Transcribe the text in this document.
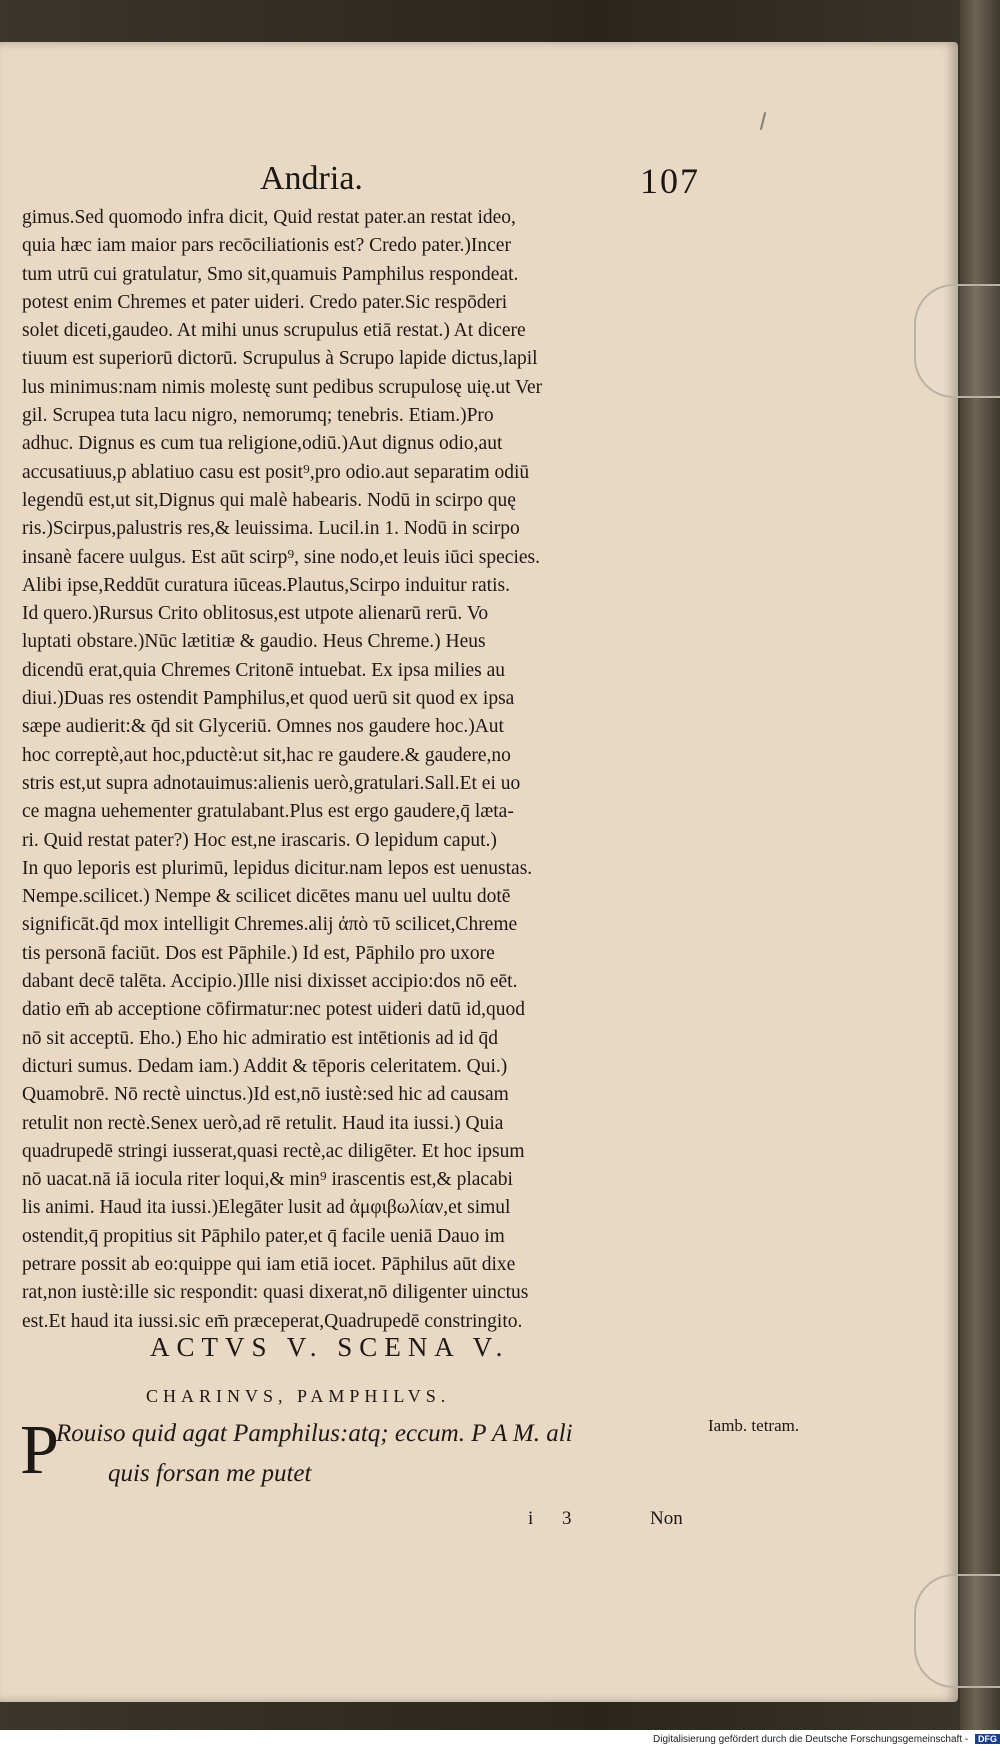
Andria.	107
gimus.Sed quomodo infra dicit, Quid restat pater.an restat ideo,
quia hæc iam maior pars recōciliationis est? Credo pater.)Incer
tum utrū cui gratulatur, Smo sit,quamuis Pamphilus respondeat.
potest enim Chremes et pater uideri. Credo pater.Sic respōderi
solet diceti,gaudeo. At mihi unus scrupulus etiā restat.) At dicere
tiuum est superiorū dictorū. Scrupulus à Scrupo lapide dictus,lapil
lus minimus:nam nimis molestę sunt pedibus scrupulosę uię.ut Ver
gil. Scrupea tuta lacu nigro, nemorumq; tenebris. Etiam.)Pro
adhuc. Dignus es cum tua religione,odiū.)Aut dignus odio,aut
accusatiuus,p ablatiuo casu est posit⁹,pro odio.aut separatim odiū
legendū est,ut sit,Dignus qui malè habearis. Nodū in scirpo quę
ris.)Scirpus,palustris res,& leuissima. Lucil.in 1. Nodū in scirpo
insanè facere uulgus. Est aūt scirp⁹, sine nodo,et leuis iūci species.
Alibi ipse,Reddūt curatura iūceas.Plautus,Scirpo induitur ratis.
Id quero.)Rursus Crito oblitosus,est utpote alienarū rerū. Vo
luptati obstare.)Nūc lætitiæ & gaudio. Heus Chreme.) Heus
dicendū erat,quia Chremes Critonē intuebat. Ex ipsa milies au
diui.)Duas res ostendit Pamphilus,et quod uerū sit quod ex ipsa
sæpe audierit:& q̄d sit Glyceriū. Omnes nos gaudere hoc.)Aut
hoc correptè,aut hoc,pductè:ut sit,hac re gaudere.& gaudere,no
stris est,ut supra adnotauimus:alienis uerò,gratulari.Sall.Et ei uo
ce magna uehementer gratulabant.Plus est ergo gaudere,q̄ læta-
ri. Quid restat pater?) Hoc est,ne irascaris. O lepidum caput.)
In quo leporis est plurimū, lepidus dicitur.nam lepos est uenustas.
Nempe.scilicet.) Nempe & scilicet dicētes manu uel uultu dotē
significāt.q̄d mox intelligit Chremes.alij ἀπὸ τῦ scilicet,Chreme
tis personā faciūt. Dos est Pāphile.) Id est, Pāphilo pro uxore
dabant decē talēta. Accipio.)Ille nisi dixisset accipio:dos nō eēt.
datio em̄ ab acceptione cōfirmatur:nec potest uideri datū id,quod
nō sit acceptū. Eho.) Eho hic admiratio est intētionis ad id q̄d
dicturi sumus. Dedam iam.) Addit & tēporis celeritatem. Qui.)
Quamobrē. Nō rectè uinctus.)Id est,nō iustè:sed hic ad causam
retulit non rectè.Senex uerò,ad rē retulit. Haud ita iussi.) Quia
quadrupedē stringi iusserat,quasi rectè,ac diligēter. Et hoc ipsum
nō uacat.nā iā iocula riter loqui,& min⁹ irascentis est,& placabi
lis animi. Haud ita iussi.)Elegāter lusit ad ἀμφιβωλίαν,et simul
ostendit,q̄ propitius sit Pāphilo pater,et q̄ facile ueniā Dauo im
petrare possit ab eo:quippe qui iam etiā iocet. Pāphilus aūt dixe
rat,non iustè:ille sic respondit: quasi dixerat,nō diligenter uinctus
est.Et haud ita iussi.sic em̄ præceperat,Quadrupedē constringito.
ACTVS V. SCENA V.
CHARINVS, PAMPHILVS.
P
Rouiso quid agat Pamphilus:atq; eccum. P A M. ali
quis forsan me putet
Iamb. tetram.
i 3	Non
Digitalisierung gefördert durch die Deutsche Forschungsgemeinschaft - DFG
